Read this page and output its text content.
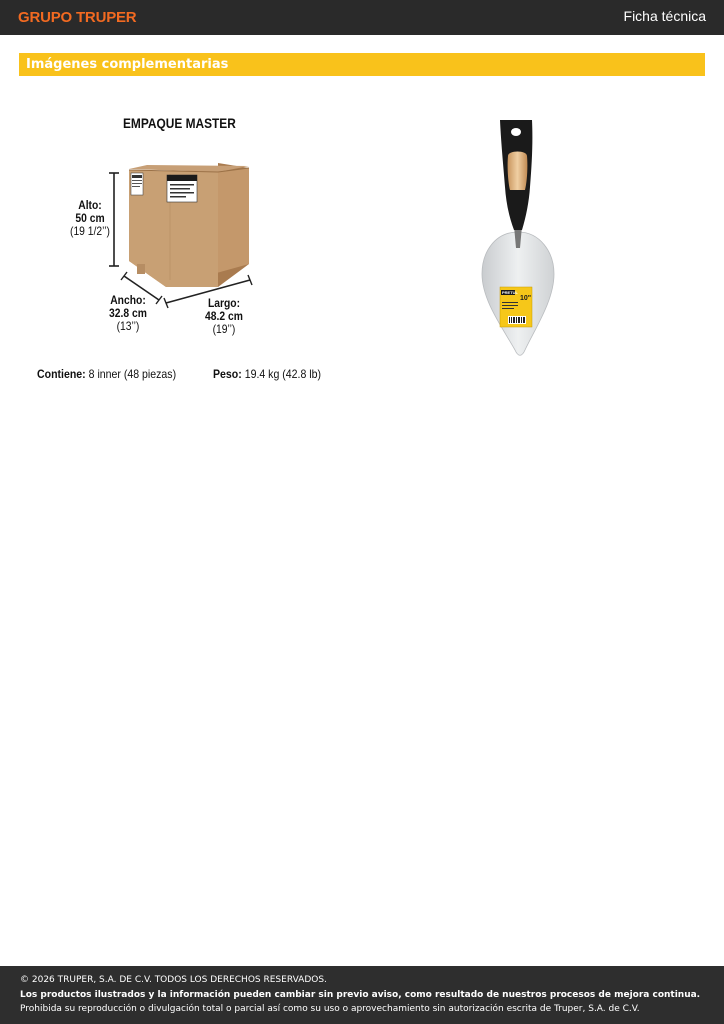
GRUPO TRUPER	Ficha técnica
Imágenes complementarias
EMPAQUE MASTER
Alto:
50 cm
(19 1/2’’)
Ancho:
32.8 cm
(13’’)
Largo:
48.2 cm
(19’’)
Contiene: 8 inner (48 piezas)	Peso: 19.4 kg (42.8 lb)
PRETUL
10"
© 2026 TRUPER, S.A. DE C.V. TODOS LOS DERECHOS RESERVADOS.
Los productos ilustrados y la información pueden cambiar sin previo aviso, como resultado de nuestros procesos de mejora continua.
Prohibida su reproducción o divulgación total o parcial así como su uso o aprovechamiento sin autorización escrita de Truper, S.A. de C.V.
